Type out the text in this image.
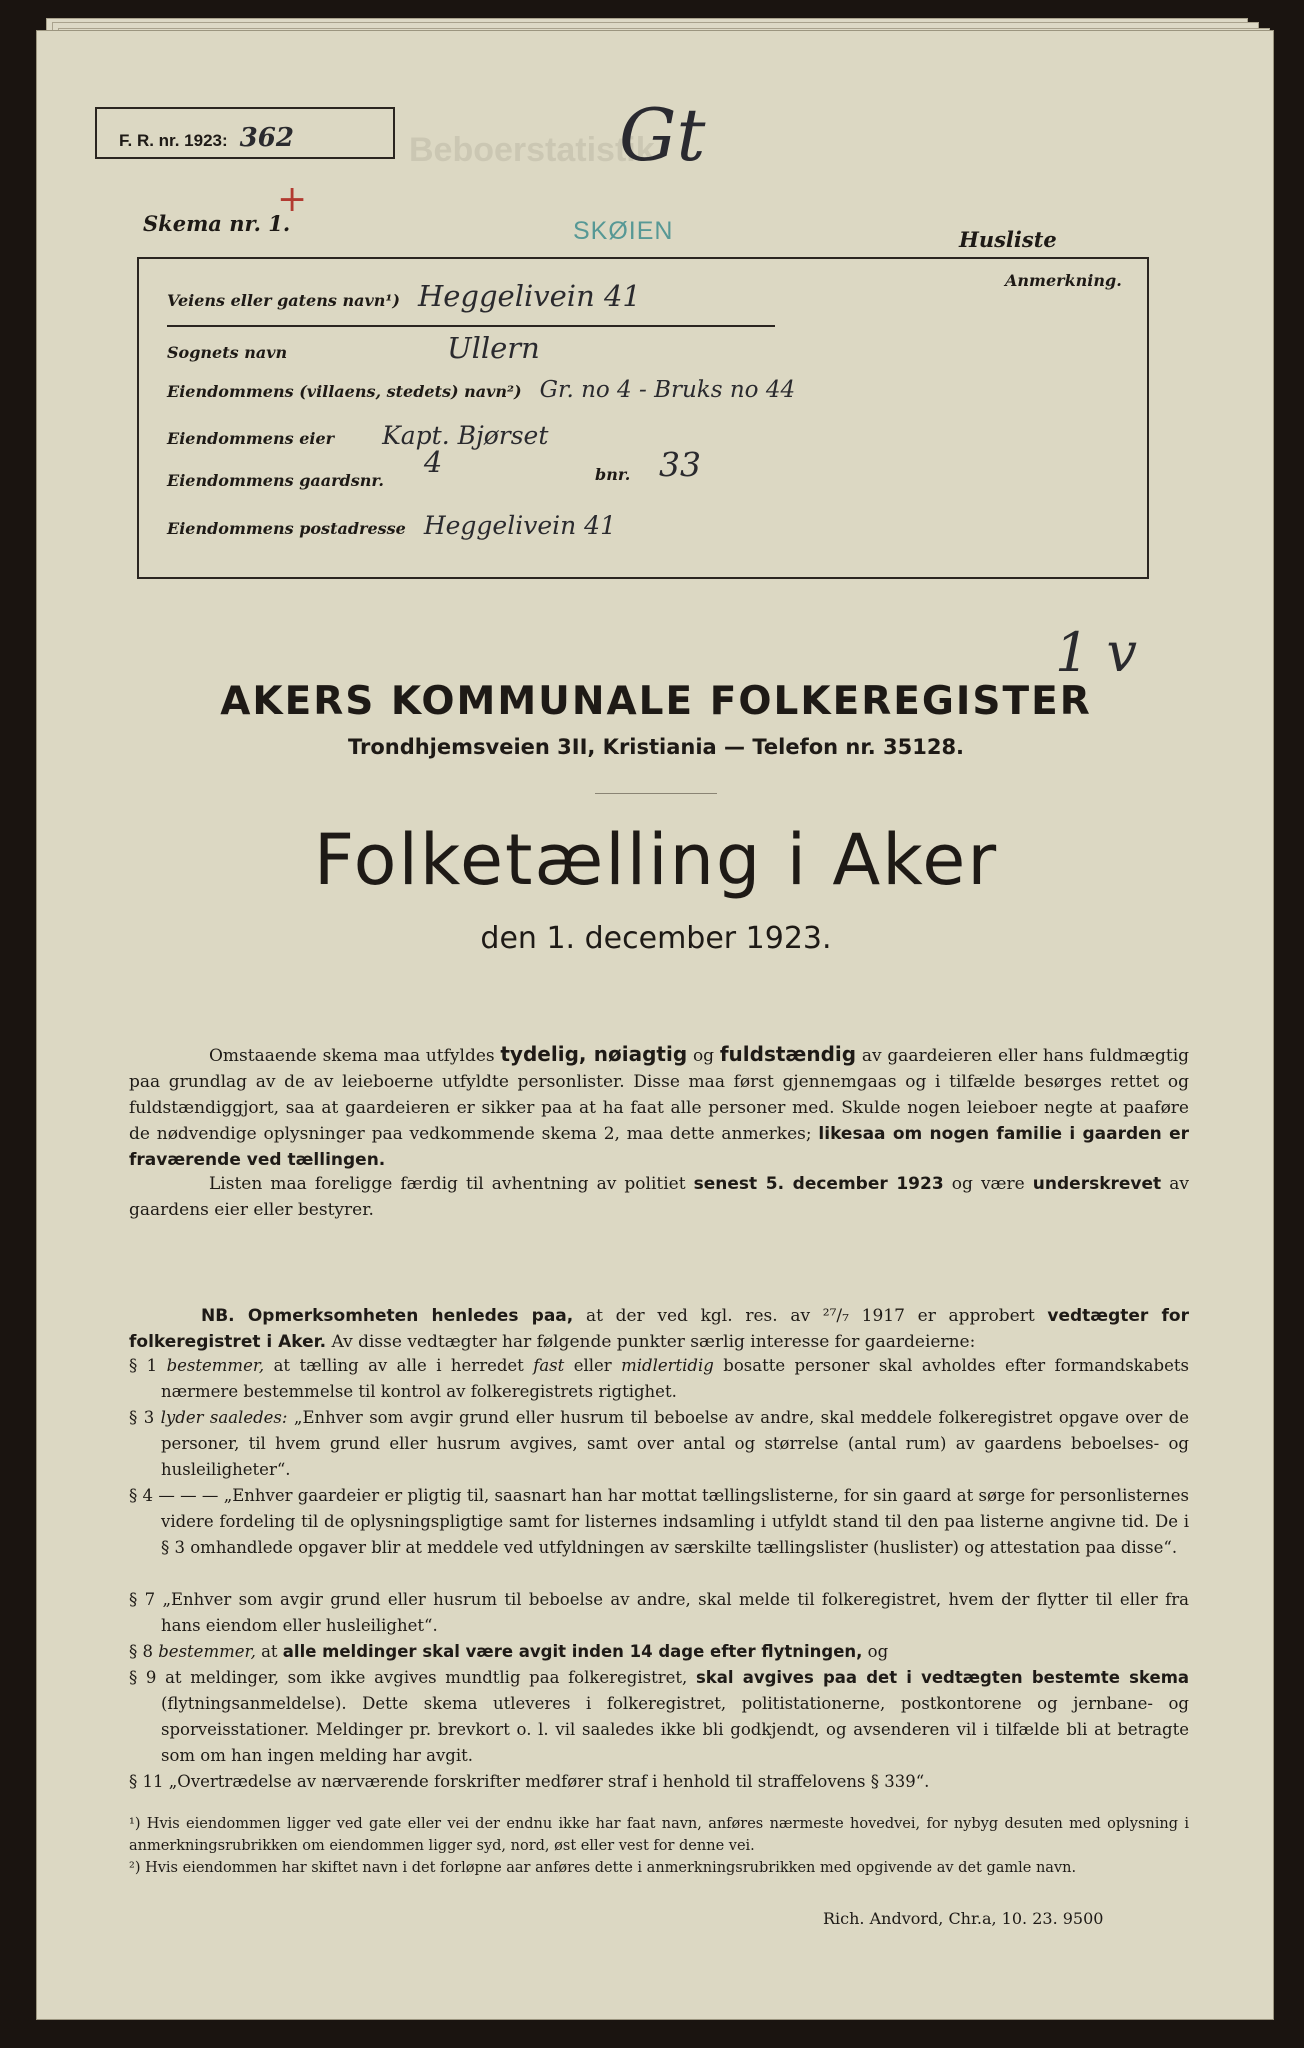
Beboerstatistik
F. R. nr. 1923: 362	Gt
+
Skema nr. 1.	SKØIEN	Husliste
Anmerkning.
Veiens eller gatens navn¹) Heggelivein 41
Sognets navn	Ullern
Eiendommens (villaens, stedets) navn²) Gr. no 4 - Bruks no 44
Eiendommens eier Kapt. Bjørset
Eiendommens gaardsnr.4	bnr. 33
Eiendommens postadresse Heggelivein 41
1 v
AKERS KOMMUNALE FOLKEREGISTER
Trondhjemsveien 3II, Kristiania — Telefon nr. 35128.
Folketælling i Aker
den 1. december 1923.
Omstaaende skema maa utfyldes tydelig, nøiagtig og fuldstændig av gaardeieren eller hans fuldmægtig paa grundlag av de av leieboerne utfyldte personlister. Disse maa først gjennemgaas og i tilfælde besørges rettet og fuldstændiggjort, saa at gaardeieren er sikker paa at ha faat alle personer med. Skulde nogen leieboer negte at paaføre de nødvendige oplysninger paa vedkommende skema 2, maa dette anmerkes; likesaa om nogen familie i gaarden er fraværende ved tællingen.
Listen maa foreligge færdig til avhentning av politiet senest 5. december 1923 og være underskrevet av gaardens eier eller bestyrer.
NB. Opmerksomheten henledes paa, at der ved kgl. res. av ²⁷/₇ 1917 er approbert vedtægter for folkeregistret i Aker. Av disse vedtægter har følgende punkter særlig interesse for gaardeierne:
§ 1 bestemmer, at tælling av alle i herredet fast eller midlertidig bosatte personer skal avholdes efter formandskabets nærmere bestemmelse til kontrol av folkeregistrets rigtighet.
§ 3 lyder saaledes: „Enhver som avgir grund eller husrum til beboelse av andre, skal meddele folkeregistret opgave over de personer, til hvem grund eller husrum avgives, samt over antal og størrelse (antal rum) av gaardens beboelses- og husleiligheter“.
§ 4 — — — „Enhver gaardeier er pligtig til, saasnart han har mottat tællingslisterne, for sin gaard at sørge for personlisternes videre fordeling til de oplysningspligtige samt for listernes indsamling i utfyldt stand til den paa listerne angivne tid. De i § 3 omhandlede opgaver blir at meddele ved utfyldningen av særskilte tællingslister (huslister) og attestation paa disse“.
§ 7 „Enhver som avgir grund eller husrum til beboelse av andre, skal melde til folkeregistret, hvem der flytter til eller fra hans eiendom eller husleilighet“.
§ 8 bestemmer, at alle meldinger skal være avgit inden 14 dage efter flytningen, og
§ 9 at meldinger, som ikke avgives mundtlig paa folkeregistret, skal avgives paa det i vedtægten bestemte skema (flytningsanmeldelse). Dette skema utleveres i folkeregistret, politistationerne, postkontorene og jernbane- og sporveisstationer. Meldinger pr. brevkort o. l. vil saaledes ikke bli godkjendt, og avsenderen vil i tilfælde bli at betragte som om han ingen melding har avgit.
§ 11 „Overtrædelse av nærværende forskrifter medfører straf i henhold til straffelovens § 339“.
¹) Hvis eiendommen ligger ved gate eller vei der endnu ikke har faat navn, anføres nærmeste hovedvei, for nybyg desuten med oplysning i anmerkningsrubrikken om eiendommen ligger syd, nord, øst eller vest for denne vei.
²) Hvis eiendommen har skiftet navn i det forløpne aar anføres dette i anmerkningsrubrikken med opgivende av det gamle navn.
Rich. Andvord, Chr.a, 10. 23. 9500
